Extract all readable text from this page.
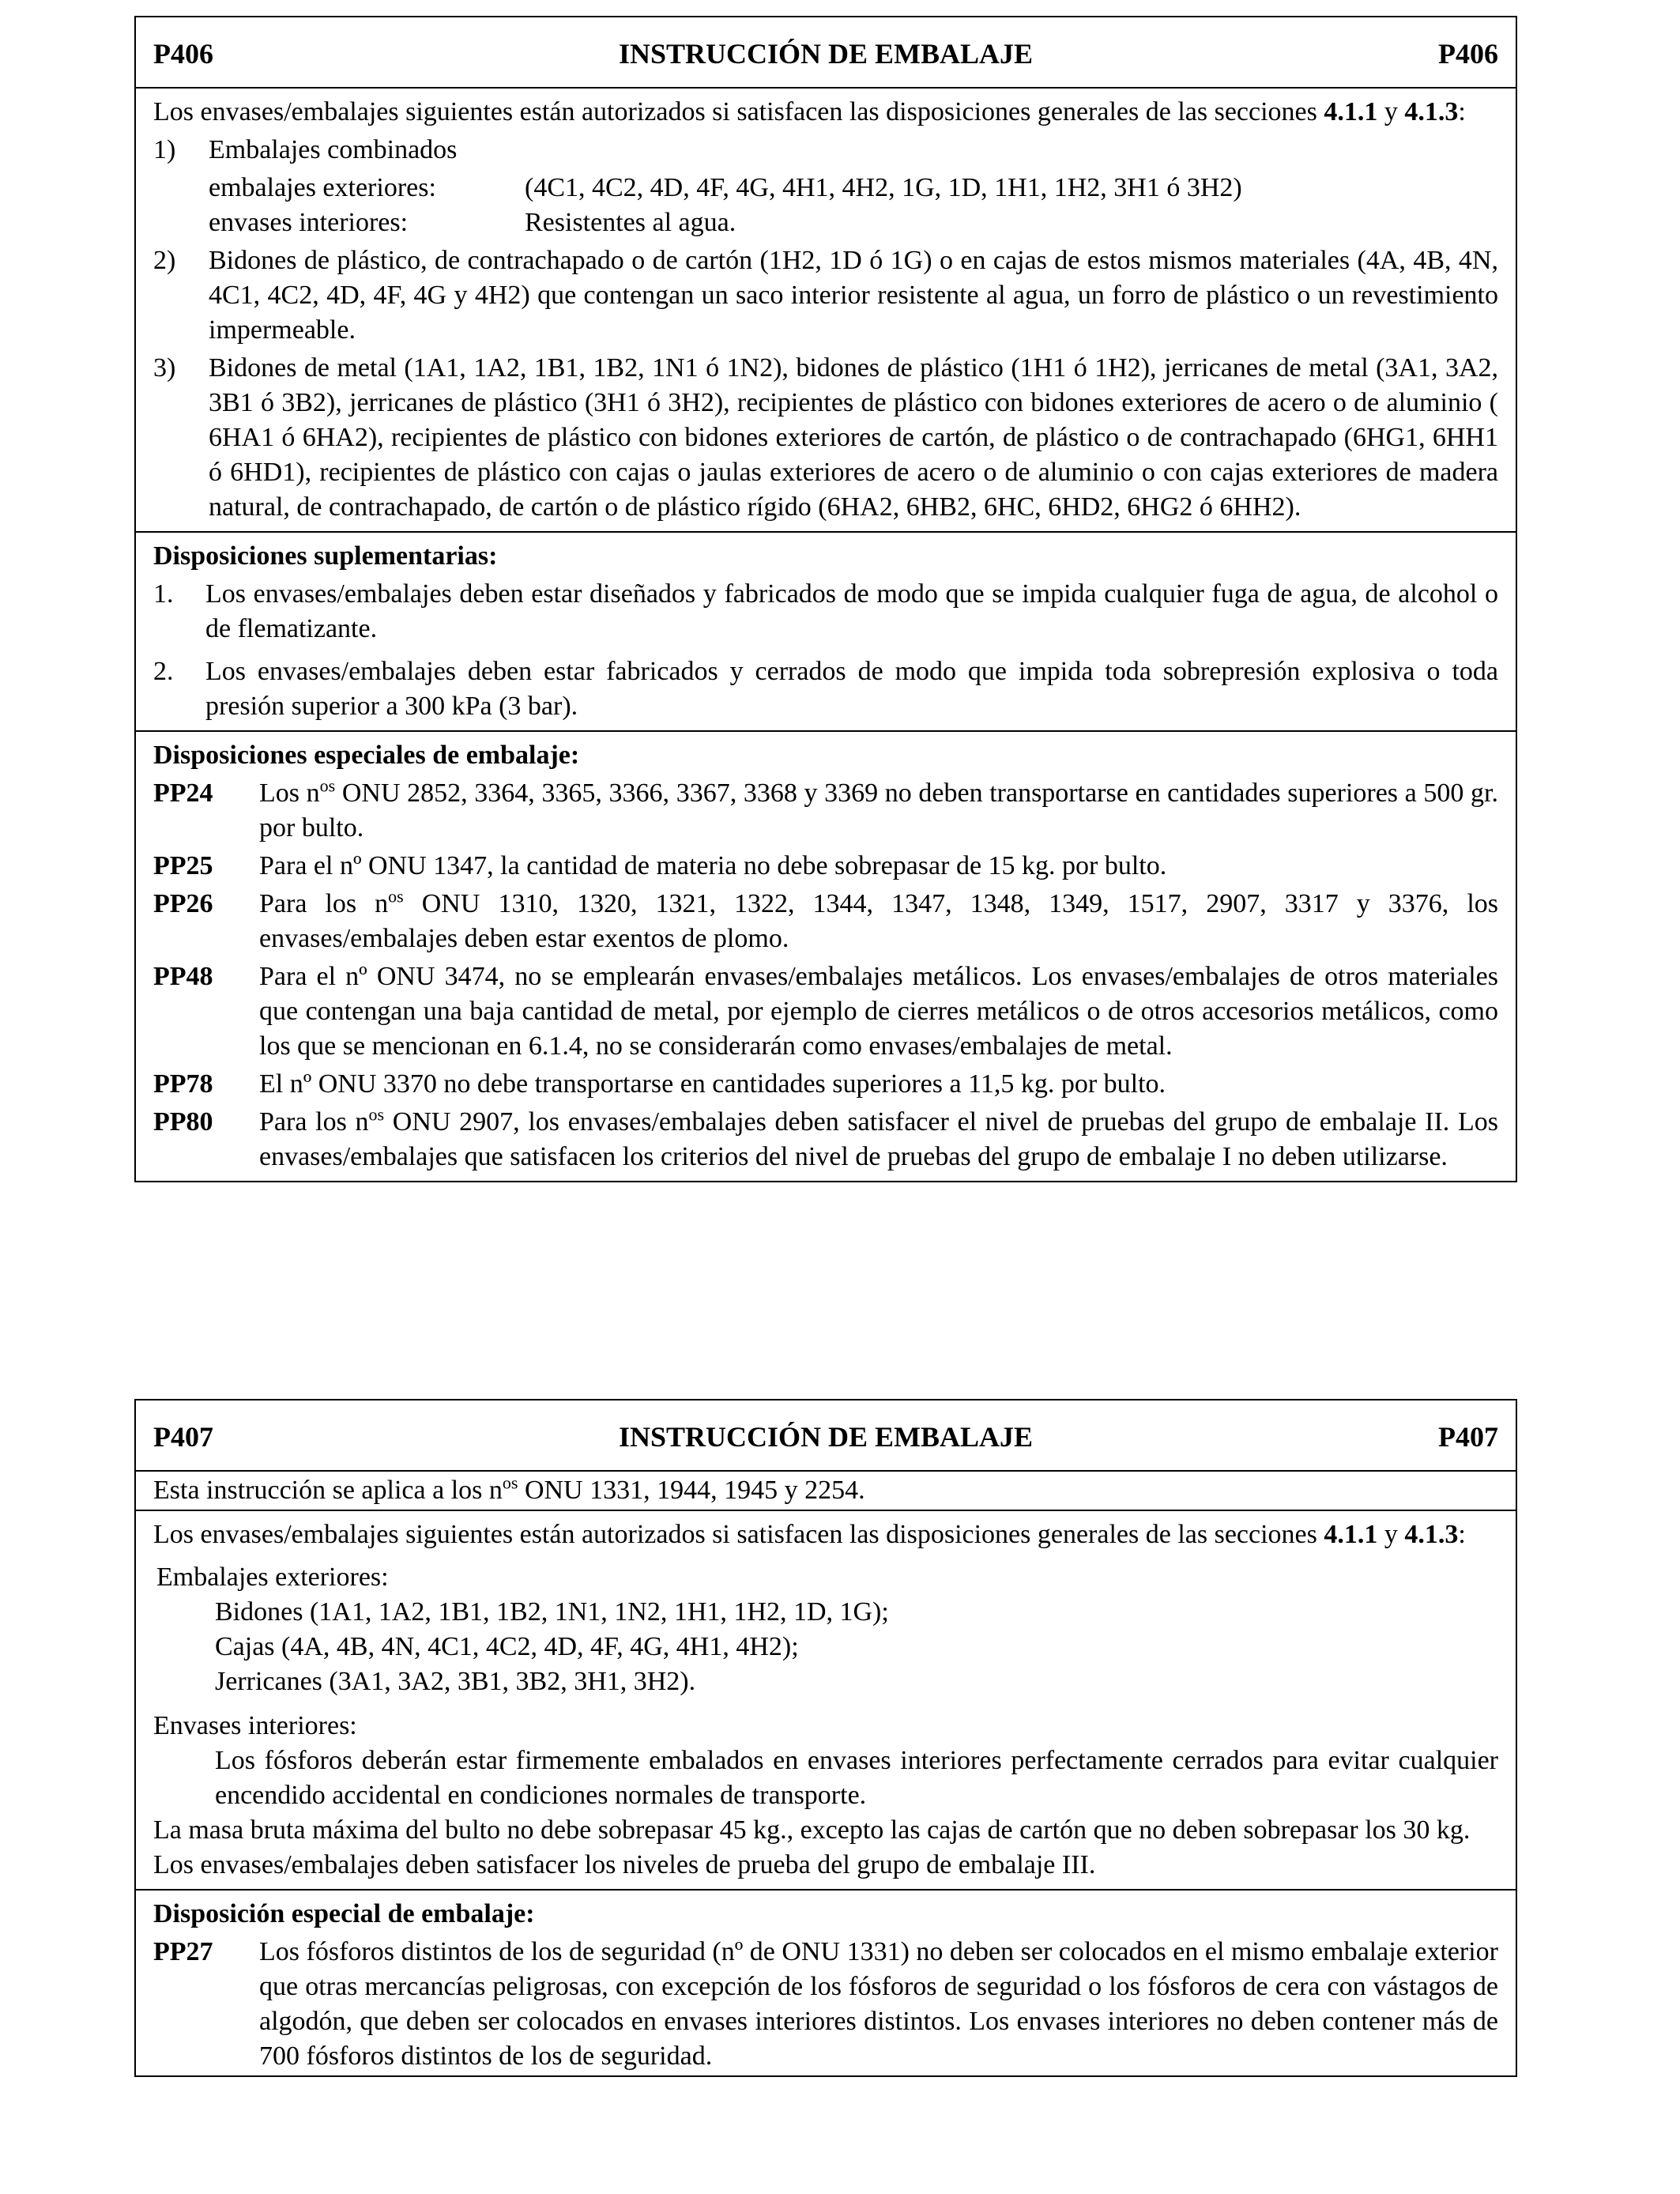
P406	INSTRUCCIÓN DE EMBALAJE	P406

Los envases/embalajes siguientes están autorizados si satisfacen las disposiciones generales de las secciones 4.1.1 y 4.1.3:

1)	Embalajes combinados
embalajes exteriores:	(4C1, 4C2, 4D, 4F, 4G, 4H1, 4H2, 1G, 1D, 1H1, 1H2, 3H1 ó 3H2)
envases interiores:	Resistentes al agua.
2)	Bidones de plástico, de contrachapado o de cartón (1H2, 1D ó 1G) o en cajas de estos mismos materiales (4A, 4B, 4N, 4C1, 4C2, 4D, 4F, 4G y 4H2) que contengan un saco interior resistente al agua, un forro de plástico o un revestimiento impermeable.
3)	Bidones de metal (1A1, 1A2, 1B1, 1B2, 1N1 ó 1N2), bidones de plástico (1H1 ó 1H2), jerricanes de metal (3A1, 3A2, 3B1 ó 3B2), jerricanes de plástico (3H1 ó 3H2), recipientes de plástico con bidones exteriores de acero o de aluminio ( 6HA1 ó 6HA2), recipientes de plástico con bidones exteriores de cartón, de plástico o de contrachapado (6HG1, 6HH1 ó 6HD1), recipientes de plástico con cajas o jaulas exteriores de acero o de aluminio o con cajas exteriores de madera natural, de contrachapado, de cartón o de plástico rígido (6HA2, 6HB2, 6HC, 6HD2, 6HG2 ó 6HH2).

Disposiciones suplementarias:

1.	Los envases/embalajes deben estar diseñados y fabricados de modo que se impida cualquier fuga de agua, de alcohol o de flematizante.
2.	Los envases/embalajes deben estar fabricados y cerrados de modo que impida toda sobrepresión explosiva o toda presión superior a 300 kPa (3 bar).

Disposiciones especiales de embalaje:

PP24	Los $n^{os}$ ONU 2852, 3364, 3365, 3366, 3367, 3368 y 3369 no deben transportarse en cantidades superiores a 500 gr. por bulto.
PP25	Para el nº ONU 1347, la cantidad de materia no debe sobrepasar de 15 kg. por bulto.
PP26	Para los $n^{os}$ ONU 1310, 1320, 1321, 1322, 1344, 1347, 1348, 1349, 1517, 2907, 3317 y 3376, los envases/embalajes deben estar exentos de plomo.
PP48	Para el nº ONU 3474, no se emplearán envases/embalajes metálicos. Los envases/embalajes de otros materiales que contengan una baja cantidad de metal, por ejemplo de cierres metálicos o de otros accesorios metálicos, como los que se mencionan en 6.1.4, no se considerarán como envases/embalajes de metal.
PP78	El nº ONU 3370 no debe transportarse en cantidades superiores a 11,5 kg. por bulto.
PP80	Para los $n^{os}$ ONU 2907, los envases/embalajes deben satisfacer el nivel de pruebas del grupo de embalaje II. Los envases/embalajes que satisfacen los criterios del nivel de pruebas del grupo de embalaje I no deben utilizarse.
P407	INSTRUCCIÓN DE EMBALAJE	P407

Esta instrucción se aplica a los $n^{os}$ ONU 1331, 1944, 1945 y 2254.

Los envases/embalajes siguientes están autorizados si satisfacen las disposiciones generales de las secciones 4.1.1 y 4.1.3:

Embalajes exteriores:

Bidones (1A1, 1A2, 1B1, 1B2, 1N1, 1N2, 1H1, 1H2, 1D, 1G);
Cajas (4A, 4B, 4N, 4C1, 4C2, 4D, 4F, 4G, 4H1, 4H2);
Jerricanes (3A1, 3A2, 3B1, 3B2, 3H1, 3H2).

Envases interiores:

Los fósforos deberán estar firmemente embalados en envases interiores perfectamente cerrados para evitar cualquier encendido accidental en condiciones normales de transporte.

La masa bruta máxima del bulto no debe sobrepasar 45 kg., excepto las cajas de cartón que no deben sobrepasar los 30 kg.

Los envases/embalajes deben satisfacer los niveles de prueba del grupo de embalaje III.

Disposición especial de embalaje:

PP27	Los fósforos distintos de los de seguridad (nº de ONU 1331) no deben ser colocados en el mismo embalaje exterior que otras mercancías peligrosas, con excepción de los fósforos de seguridad o los fósforos de cera con vástagos de algodón, que deben ser colocados en envases interiores distintos. Los envases interiores no deben contener más de 700 fósforos distintos de los de seguridad.
